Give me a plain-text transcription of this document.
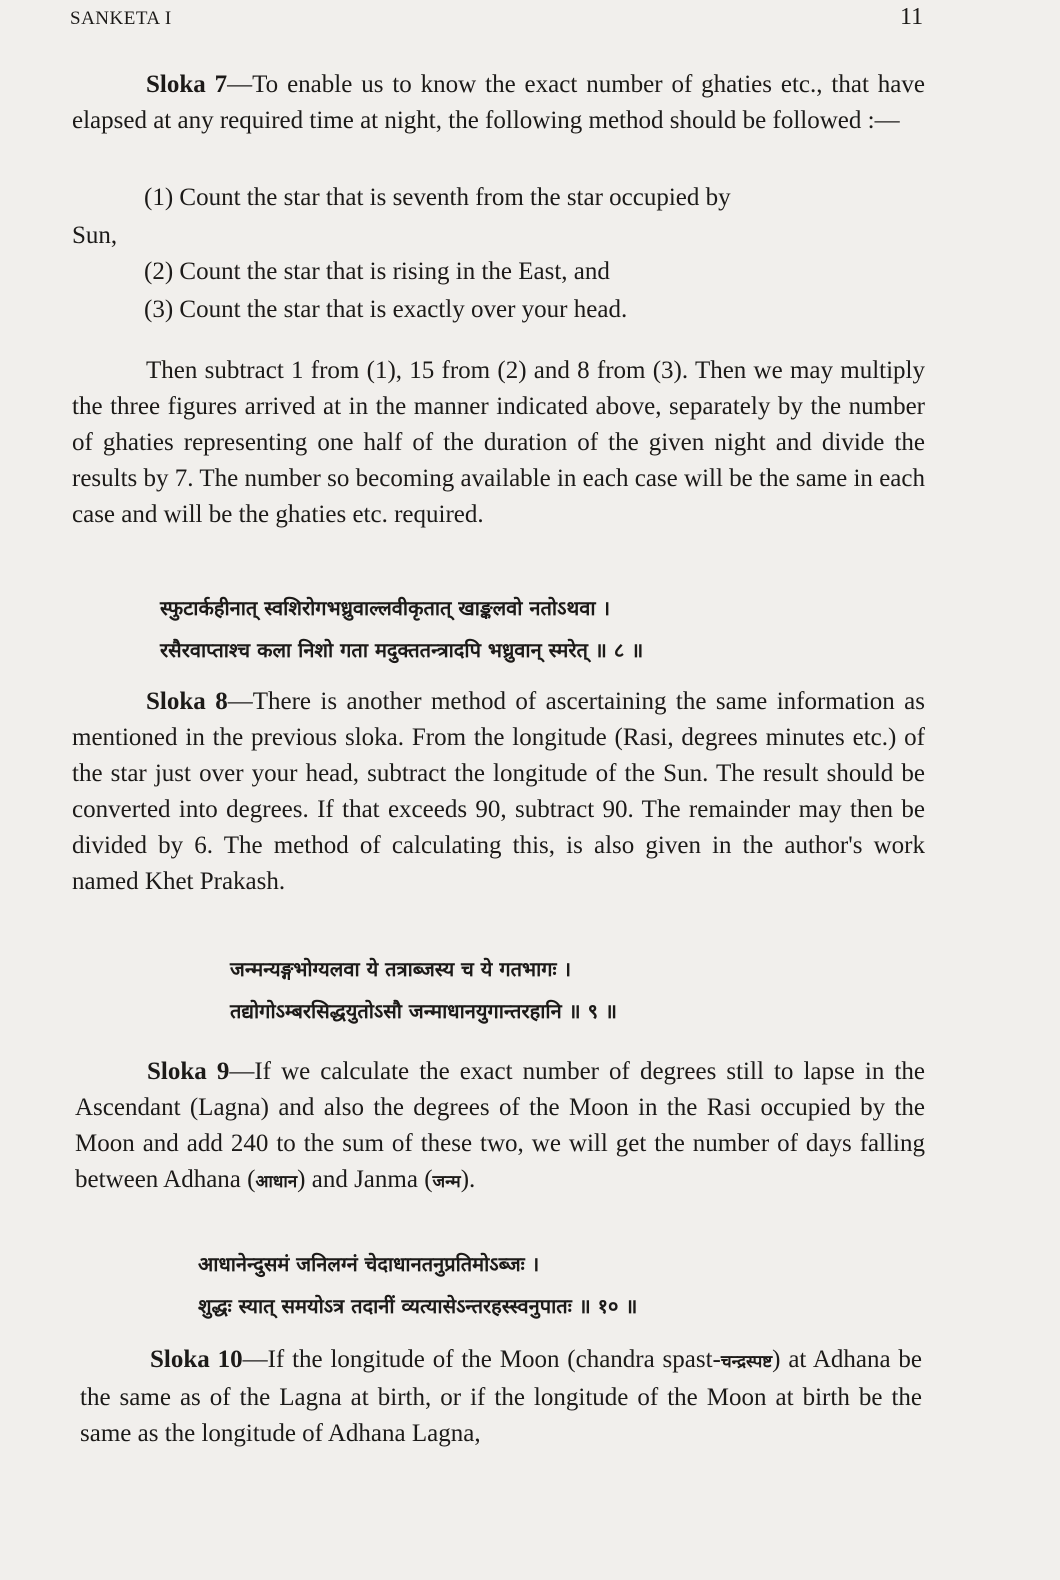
SANKETA I	11

Sloka 7—To enable us to know the exact number of ghaties etc., that have elapsed at any required time at night, the following method should be followed :—

(1) Count the star that is seventh from the star occupied by
Sun,
(2) Count the star that is rising in the East, and
(3) Count the star that is exactly over your head.

Then subtract 1 from (1), 15 from (2) and 8 from (3). Then we may multiply the three figures arrived at in the manner indicated above, separately by the number of ghaties representing one half of the duration of the given night and divide the results by 7. The number so becoming available in each case will be the same in each case and will be the ghaties etc. required.

स्फुटार्कहीनात् स्वशिरोगभध्रुवाल्लवीकृतात् खाङ्कलवो नतोऽथवा ।
रसैरवाप्ताश्च कला निशो गता मदुक्ततन्त्रादपि भध्रुवान् स्मरेत् ॥ ८ ॥

Sloka 8—There is another method of ascertaining the same information as mentioned in the previous sloka. From the longitude (Rasi, degrees minutes etc.) of the star just over your head, subtract the longitude of the Sun. The result should be converted into degrees. If that exceeds 90, subtract 90. The remainder may then be divided by 6. The method of calculating this, is also given in the author's work named Khet Prakash.

जन्मन्यङ्गभोग्यलवा ये तत्राब्जस्य च ये गतभागः ।
तद्योगोऽम्बरसिद्धयुतोऽसौ जन्माधानयुगान्तरहानि ॥ ९ ॥

Sloka 9—If we calculate the exact number of degrees still to lapse in the Ascendant (Lagna) and also the degrees of the Moon in the Rasi occupied by the Moon and add 240 to the sum of these two, we will get the number of days falling between Adhana (आधान) and Janma (जन्म).

आधानेन्दुसमं जनिलग्नं चेदाधानतनुप्रतिमोऽब्जः ।
शुद्धः स्यात् समयोऽत्र तदानीं व्यत्यासेऽन्तरहस्स्वनुपातः ॥ १० ॥

Sloka 10—If the longitude of the Moon (chandra spast-चन्द्रस्पष्ट) at Adhana be the same as of the Lagna at birth, or if the longitude of the Moon at birth be the same as the longitude of Adhana Lagna,
